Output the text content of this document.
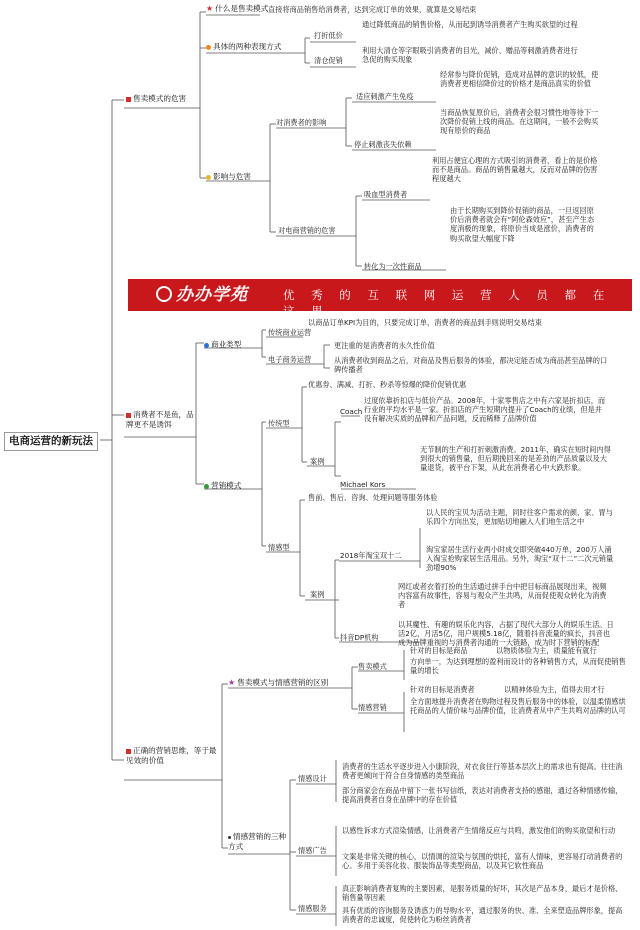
电商运营的新玩法
售卖模式的危害
★ 什么是售卖模式 直接将商品销售给消费者，达到完成订单的效果，就算是交易结束
具体的两种表现方式
打折低价
通过降低商品的销售价格，从而起到诱导消费者产生购买欲望的过程
清仓促销
利用大清仓等字眼吸引消费者的目光，减价、赠品等刺激消费者进行急促的购买现象
影响与危害
对消费者的影响
适应刺激产生免疫
经常参与降价促销，造成对品牌的意识的较低，使消费者更相信降价过的价格才是商品真实的价值
停止刺激丧失依赖
当商品恢复原价后，消费者会很习惯性地等待下一次降价促销上线的商品。在这期间，一般不会购买现有原价的商品
对电商营销的危害
吸血型消费者
利用占便宜心理的方式吸引的消费者，看上的是价格而不是商品。商品的销售量越大，反而对品牌的伤害程度越大
转化为一次性商品
由于长期购买到降价促销的商品，一旦返回原价后消费者就会有“阿伦森效应”，甚至产生态度消极的现象，将原价当成是涨价，消费者的购买欲望大幅度下降
办办学苑	优 秀 的 互 联 网 运 营 人 员 都 在 这 里
消费者不是鱼，品牌更不是诱饵
商业类型
传统商业运营
以商品订单KPI为目的，只要完成订单，消费者的商品到手则说明交易结束
电子商务运营
更注重的是消费者的永久性价值
从消费者收到商品之后，对商品及售后服务的体验，都决定能否成为商品甚至品牌的口碑传播者
营销模式
传统型
优惠券、满减、打折、秒杀等惊爆的降价促销优惠
案例
Coach
过度依靠折扣店与低价产品。2008年，十家零售店之中有六家是折扣店，而行业的平均水平是一家。折扣店的产生短期内提升了Coach的业绩，但是并没有解决实质的品牌和产品问题，反而稀释了品牌价值
Michael Kors
无节制的生产和打折刺激消费。2011年，确实在短时间内得到很大的销售量，但后期挽回来的是差劲的产品质量以及大量退货，被平台下架，从此在消费者心中大跌形象。
情感型
售前、售后、咨询、处理问题等服务体验
案例
2018年淘宝双十二
以人民的宝贝为活动主题，同时往客户需求的颜、家、胃与乐四个方向出发，更加贴切地融入人们地生活之中
淘宝家居生活行业两小时成交即突破440万单，200万人涌入淘宝抢购家居生活用品。另外，淘宝“双十二”二次元销量劲增90%
网红或者衣着打扮的生活通过拼手台中把目标商品展现出来，视频内容富有故事性，容易与观众产生共鸣，从而促使观众转化为消费者
抖音DP机构
以其魔性、有趣的娱乐化内容，占据了现代大部分人的娱乐生活。日活2亿，月活5亿，用户规模5.18亿，随着抖音流量的疯长，抖音也成为品牌重视的与消费者沟通的一大链路，成为时下营销的标配
正确的营销思维，等于最见效的价值
★ 售卖模式与情感营销的区别
售卖模式
针对的目标是商品	以物质体验为主，质量能有就行
方向单一，为达到理想的盈利而设计的各种销售方式，从而促使销售量的增长
情感营销
针对的目标是消费者	以精神体验为主，值得去用才行
全方面地提升消费者在购物过程及售后服务中的体验，以温柔情感烘托商品的人情价味与品牌价值，让消费者从中产生共鸣对品牌的认可
情感营销的三种方式
情感设计
消费者的生活水平逐步进入小康阶段，对衣食住行等基本层次上的需求也有提高。往往消费者更倾向于符合自身情感的类型商品
部分商家会在商品中留下一张书写信纸，表达对消费者支持的感谢，通过各种情感传输，提高消费者自身在品牌中的存在价值
情感广告
以感性诉求方式渲染情感，让消费者产生情绪反应与共鸣，激发他们的购买欲望和行动
文案是非常关键的核心，以情调的渲染与氛围的烘托，富有人情味，更容易打动消费者的心。多用于美容化妆、服装饰品等类型商品，以及其它软性商品
情感服务
真正影响消费者复购的主要因素，是服务质量的好坏，其次是产品本身，最后才是价格、销售量等因素
具有优质的咨询服务及诱惑力的导购水平，通过服务的快、准、全来塑造品牌形象，提高消费者的忠诚度，促使转化为粉丝消费者
